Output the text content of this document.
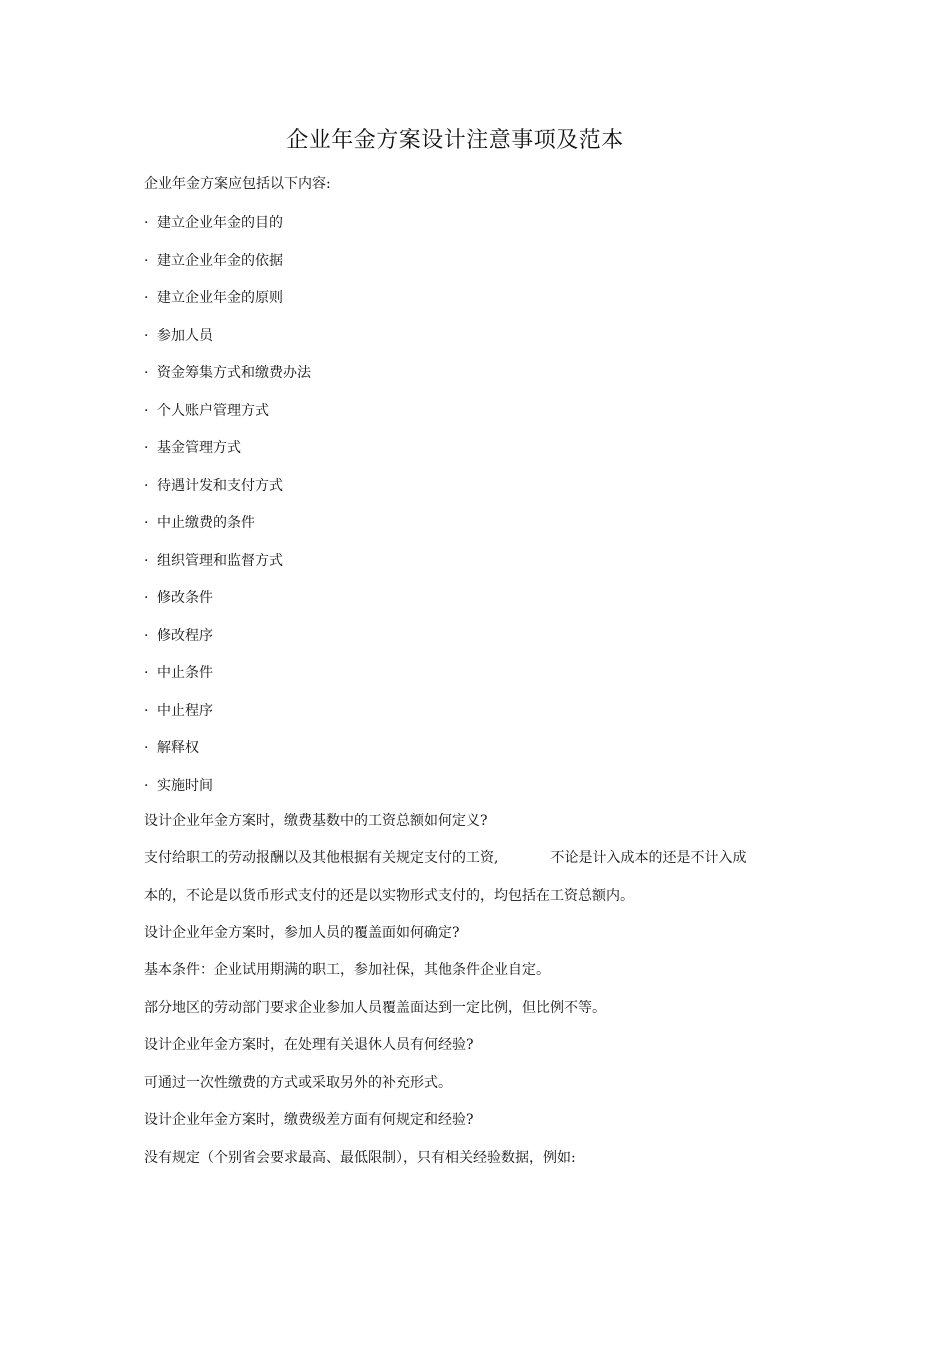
企业年金方案设计注意事项及范本
企业年金方案应包括以下内容:
· 建立企业年金的目的
· 建立企业年金的依据
· 建立企业年金的原则
· 参加人员
· 资金筹集方式和缴费办法
· 个人账户管理方式
· 基金管理方式
· 待遇计发和支付方式
· 中止缴费的条件
· 组织管理和监督方式
· 修改条件
· 修改程序
· 中止条件
· 中止程序
· 解释权
· 实施时间
设计企业年金方案时，缴费基数中的工资总额如何定义?
支付给职工的劳动报酬以及其他根据有关规定支付的工资,	不论是计入成本的还是不计入成
本的，不论是以货币形式支付的还是以实物形式支付的，均包括在工资总额内。
设计企业年金方案时，参加人员的覆盖面如何确定?
基本条件：企业试用期满的职工，参加社保，其他条件企业自定。
部分地区的劳动部门要求企业参加人员覆盖面达到一定比例，但比例不等。
设计企业年金方案时，在处理有关退休人员有何经验?
可通过一次性缴费的方式或采取另外的补充形式。
设计企业年金方案时，缴费级差方面有何规定和经验?
没有规定（个别省会要求最高、最低限制），只有相关经验数据，例如:
